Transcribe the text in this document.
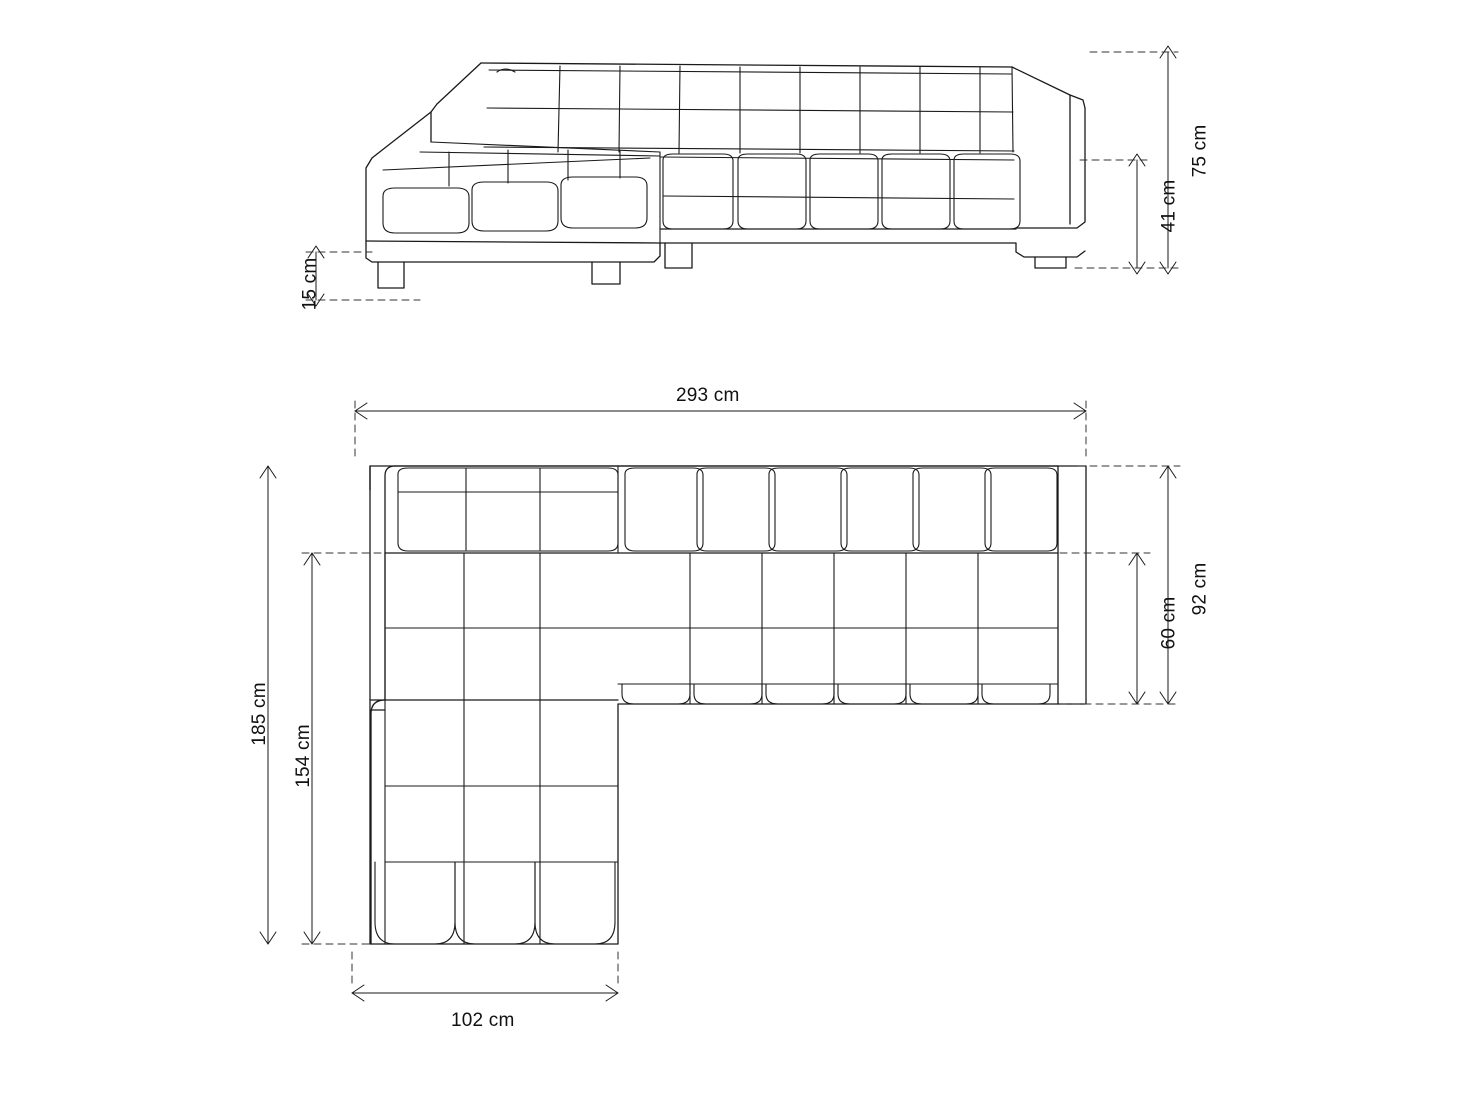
75 cm
41 cm
15 cm
293 cm
185 cm
154 cm
102 cm
92 cm
60 cm
